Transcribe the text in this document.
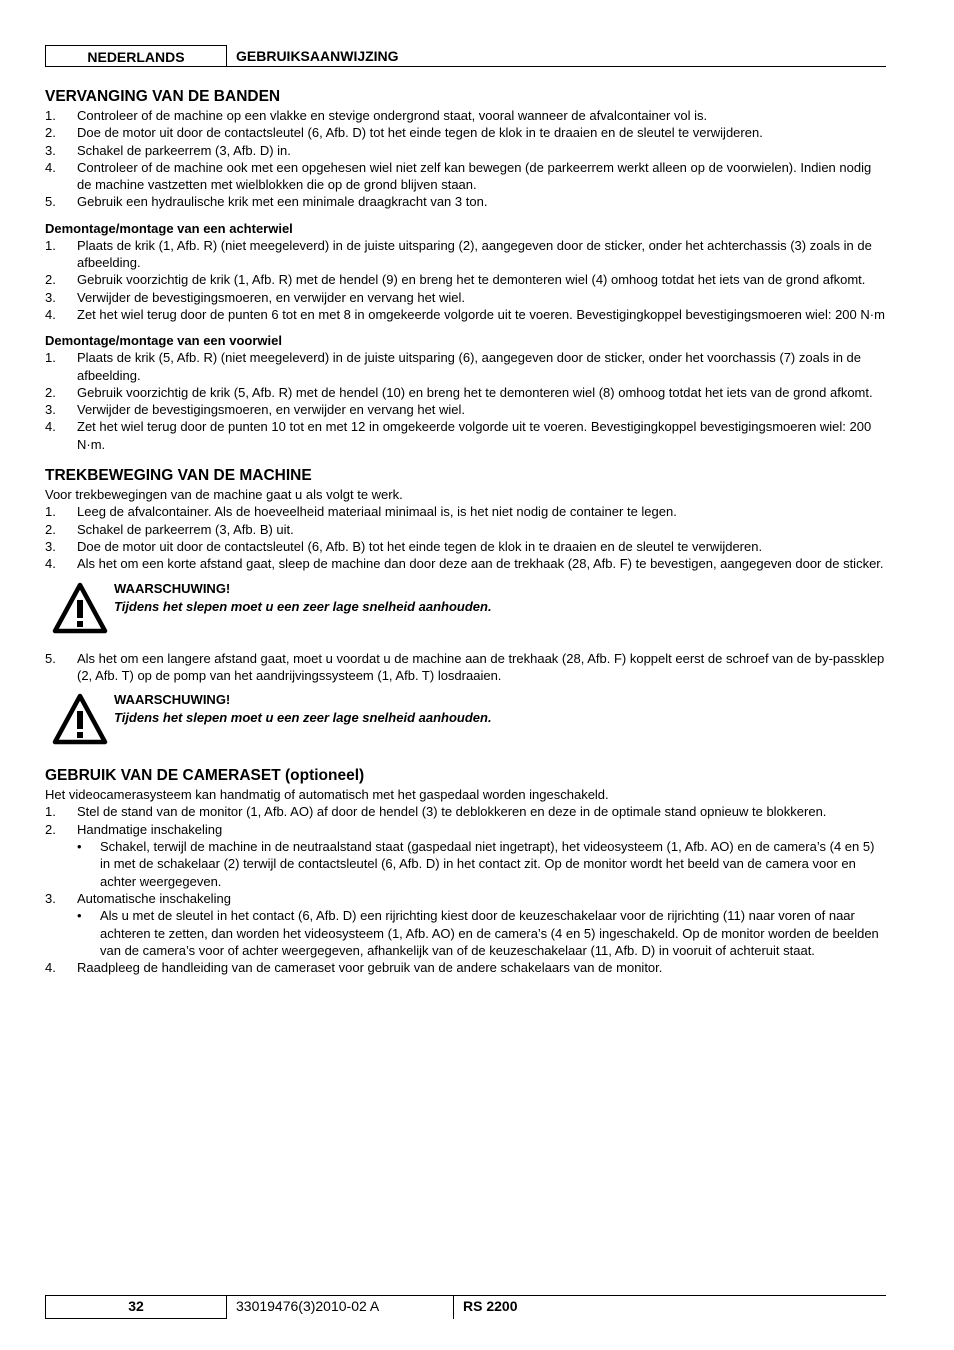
NEDERLANDS	GEBRUIKSAANWIJZING
VERVANGING VAN DE BANDEN
1. Controleer of de machine op een vlakke en stevige ondergrond staat, vooral wanneer de afvalcontainer vol is.
2. Doe de motor uit door de contactsleutel (6, Afb. D) tot het einde tegen de klok in te draaien en de sleutel te verwijderen.
3. Schakel de parkeerrem (3, Afb. D) in.
4. Controleer of de machine ook met een opgehesen wiel niet zelf kan bewegen (de parkeerrem werkt alleen op de voorwielen). Indien nodig de machine vastzetten met wielblokken die op de grond blijven staan.
5. Gebruik een hydraulische krik met een minimale draagkracht van 3 ton.
Demontage/montage van een achterwiel
1. Plaats de krik (1, Afb. R) (niet meegeleverd) in de juiste uitsparing (2), aangegeven door de sticker, onder het achterchassis (3) zoals in de afbeelding.
2. Gebruik voorzichtig de krik (1, Afb. R) met de hendel (9) en breng het te demonteren wiel (4) omhoog totdat het iets van de grond afkomt.
3. Verwijder de bevestigingsmoeren, en verwijder en vervang het wiel.
4. Zet het wiel terug door de punten 6 tot en met 8 in omgekeerde volgorde uit te voeren. Bevestigingkoppel bevestigingsmoeren wiel: 200 N·m
Demontage/montage van een voorwiel
1. Plaats de krik (5, Afb. R) (niet meegeleverd) in de juiste uitsparing (6), aangegeven door de sticker, onder het voorchassis (7) zoals in de afbeelding.
2. Gebruik voorzichtig de krik (5, Afb. R) met de hendel (10) en breng het te demonteren wiel (8) omhoog totdat het iets van de grond afkomt.
3. Verwijder de bevestigingsmoeren, en verwijder en vervang het wiel.
4. Zet het wiel terug door de punten 10 tot en met 12 in omgekeerde volgorde uit te voeren. Bevestigingkoppel bevestigingsmoeren wiel: 200 N·m.
TREKBEWEGING VAN DE MACHINE

Voor trekbewegingen van de machine gaat u als volgt te werk.

1. Leeg de afvalcontainer. Als de hoeveelheid materiaal minimaal is, is het niet nodig de container te legen.
2. Schakel de parkeerrem (3, Afb. B) uit.
3. Doe de motor uit door de contactsleutel (6, Afb. B) tot het einde tegen de klok in te draaien en de sleutel te verwijderen.
4. Als het om een korte afstand gaat, sleep de machine dan door deze aan de trekhaak (28, Afb. F) te bevestigen, aangegeven door de sticker.
WAARSCHUWING!
Tijdens het slepen moet u een zeer lage snelheid aanhouden.
5. Als het om een langere afstand gaat, moet u voordat u de machine aan de trekhaak (28, Afb. F) koppelt eerst de schroef van de by-passklep (2, Afb. T) op de pomp van het aandrijvingssysteem (1, Afb. T) losdraaien.
WAARSCHUWING!
Tijdens het slepen moet u een zeer lage snelheid aanhouden.
GEBRUIK VAN DE CAMERASET (optioneel)

Het videocamerasysteem kan handmatig of automatisch met het gaspedaal worden ingeschakeld.

1. Stel de stand van de monitor (1, Afb. AO) af door de hendel (3) te deblokkeren en deze in de optimale stand opnieuw te blokkeren.
2. Handmatige inschakeling
• Schakel, terwijl de machine in de neutraalstand staat (gaspedaal niet ingetrapt), het videosysteem (1, Afb. AO) en de camera’s (4 en 5) in met de schakelaar (2) terwijl de contactsleutel (6, Afb. D) in het contact zit. Op de monitor wordt het beeld van de camera voor en achter weergegeven.
3. Automatische inschakeling
• Als u met de sleutel in het contact (6, Afb. D) een rijrichting kiest door de keuzeschakelaar voor de rijrichting (11) naar voren of naar achteren te zetten, dan worden het videosysteem (1, Afb. AO) en de camera’s (4 en 5) ingeschakeld. Op de monitor worden de beelden van de camera’s voor of achter weergegeven, afhankelijk van of de keuzeschakelaar (11, Afb. D) in vooruit of achteruit staat.
4. Raadpleeg de handleiding van de cameraset voor gebruik van de andere schakelaars van de monitor.
32	33019476(3)2010-02 A	RS 2200
